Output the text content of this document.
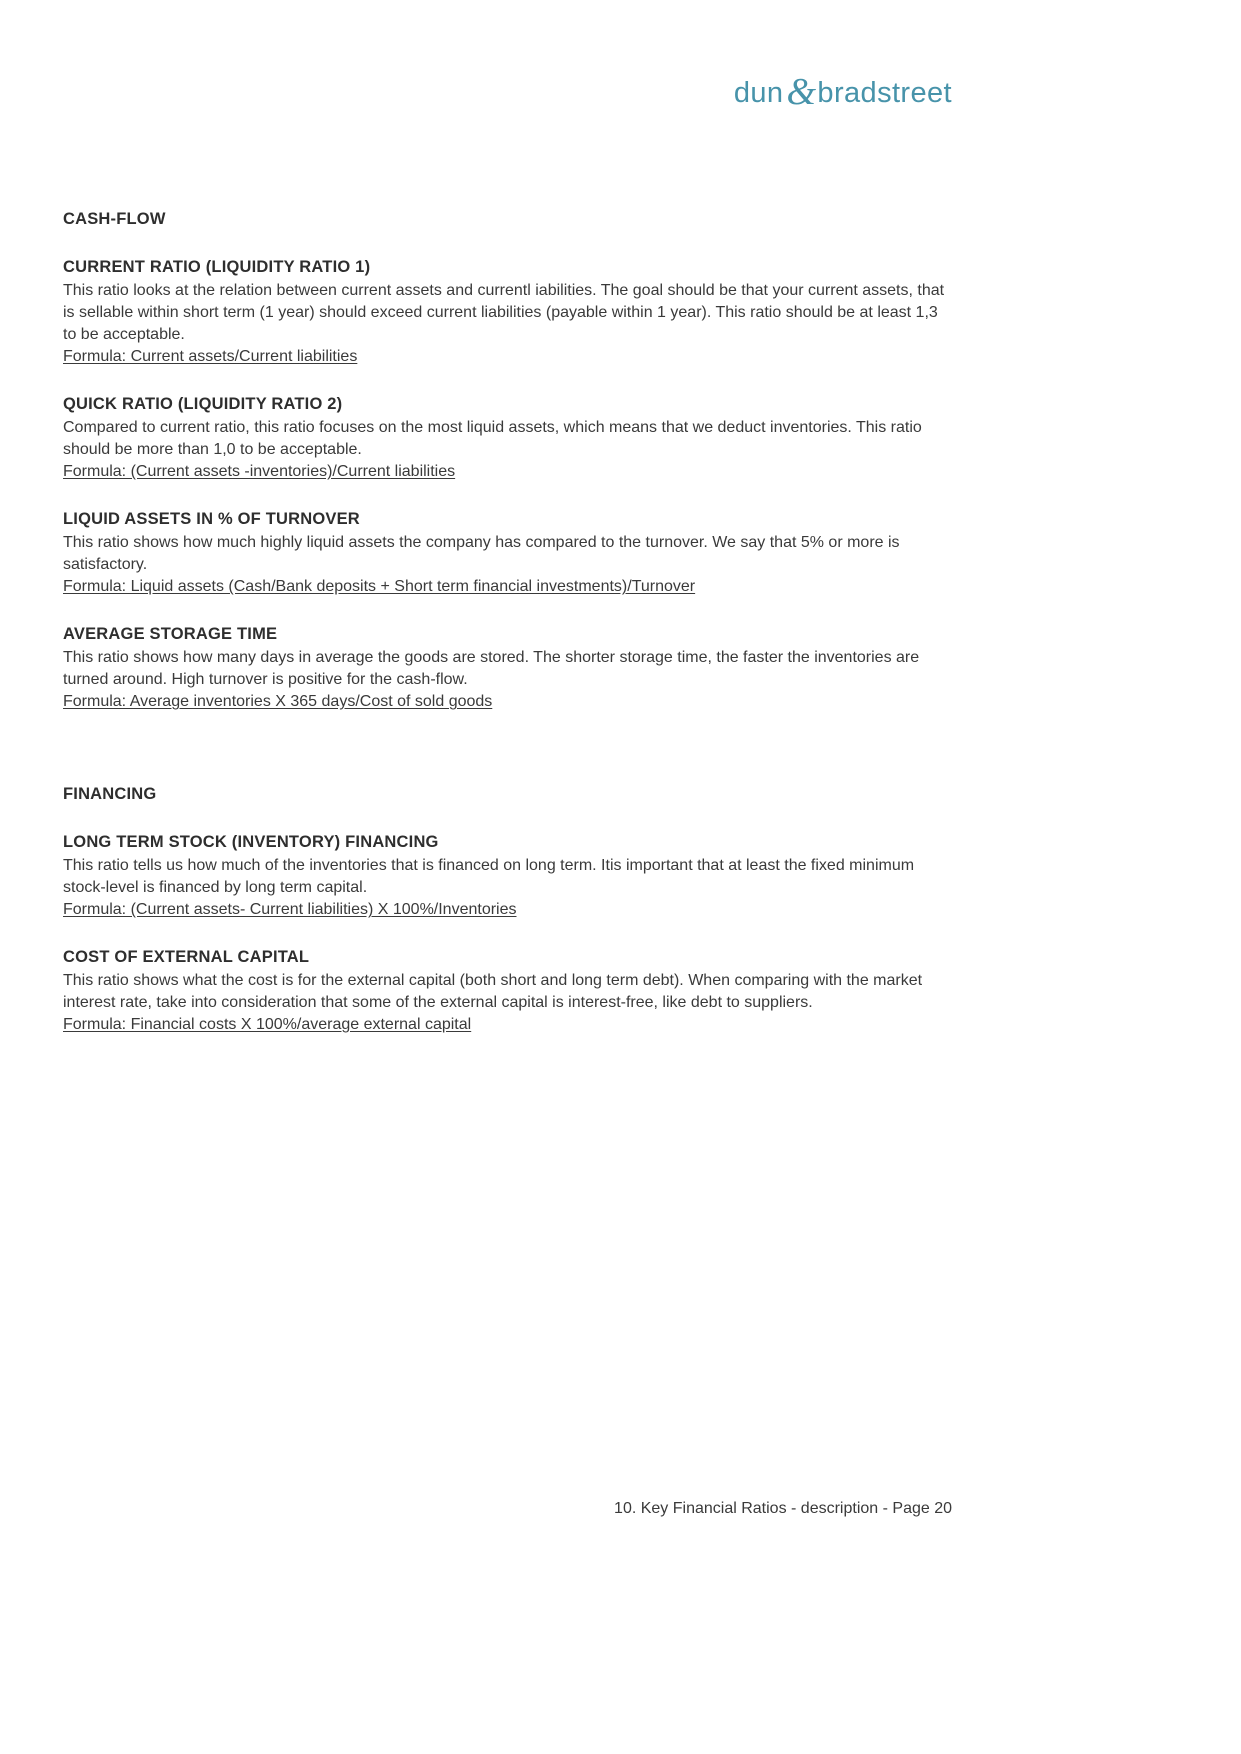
dun & bradstreet
CASH-FLOW
CURRENT RATIO (LIQUIDITY RATIO 1)
This ratio looks at the relation between current assets and currentl iabilities. The goal should be that your current assets, that is sellable within short term (1 year) should exceed current liabilities (payable within 1 year). This ratio should be at least 1,3 to be acceptable.
Formula: Current assets/Current liabilities
QUICK RATIO (LIQUIDITY RATIO 2)
Compared to current ratio, this ratio focuses on the most liquid assets, which means that we deduct inventories. This ratio should be more than 1,0 to be acceptable.
Formula: (Current assets -inventories)/Current liabilities
LIQUID ASSETS IN % OF TURNOVER
This ratio shows how much highly liquid assets the company has compared to the turnover. We say that 5% or more is satisfactory.
Formula: Liquid assets (Cash/Bank deposits + Short term financial investments)/Turnover
AVERAGE STORAGE TIME
This ratio shows how many days in average the goods are stored. The shorter storage time, the faster the inventories are turned around. High turnover is positive for the cash-flow.
Formula: Average inventories X 365 days/Cost of sold goods
FINANCING
LONG TERM STOCK (INVENTORY) FINANCING
This ratio tells us how much of the inventories that is financed on long term. Itis important that at least the fixed minimum stock-level is financed by long term capital.
Formula: (Current assets- Current liabilities) X 100%/Inventories
COST OF EXTERNAL CAPITAL
This ratio shows what the cost is for the external capital (both short and long term debt). When comparing with the market interest rate, take into consideration that some of the external capital is interest-free, like debt to suppliers.
Formula: Financial costs X 100%/average external capital
10. Key Financial Ratios - description - Page 20
